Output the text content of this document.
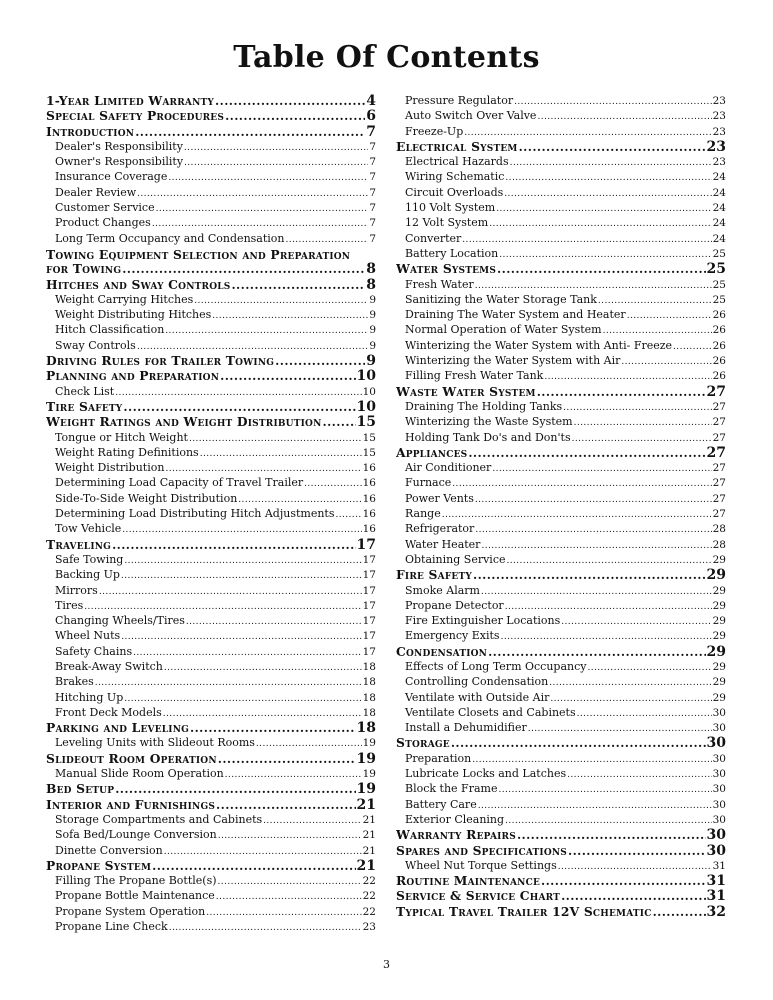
Table Of Contents
1-Year Limited Warranty .....	4
Special Safety Procedures .....	6
Introduction .....	7
Dealer's Responsibility .....	7
Owner's Responsibility .....	7
Insurance Coverage .....	7
Dealer Review .....	7
Customer Service .....	7
Product Changes .....	7
Long Term Occupancy and Condensation .....	7
Towing Equipment Selection and Preparation
for Towing .....	8
Hitches and Sway Controls .....	8
Weight Carrying Hitches .....	9
Weight Distributing Hitches .....	9
Hitch Classification .....	9
Sway Controls .....	9
Driving Rules for Trailer Towing .....	9
Planning and Preparation .....	10
Check List .....	10
Tire Safety .....	10
Weight Ratings and Weight Distribution .....	15
Tongue or Hitch Weight .....	15
Weight Rating Definitions .....	15
Weight Distribution .....	16
Determining Load Capacity of Travel Trailer .....	16
Side-To-Side Weight Distribution .....	16
Determining Load Distributing Hitch Adjustments .....	16
Tow Vehicle .....	16
Traveling .....	17
Safe Towing .....	17
Backing Up .....	17
Mirrors .....	17
Tires .....	17
Changing Wheels/Tires .....	17
Wheel Nuts .....	17
Safety Chains .....	17
Break-Away Switch .....	18
Brakes .....	18
Hitching Up .....	18
Front Deck Models .....	18
Parking and Leveling .....	18
Leveling Units with Slideout Rooms .....	19
Slideout Room Operation .....	19
Manual Slide Room Operation .....	19
Bed Setup .....	19
Interior and Furnishings .....	21
Storage Compartments and Cabinets .....	21
Sofa Bed/Lounge Conversion .....	21
Dinette Conversion .....	21
Propane System .....	21
Filling The Propane Bottle(s) .....	22
Propane Bottle Maintenance .....	22
Propane System Operation .....	22
Propane Line Check .....	23
Pressure Regulator .....	23
Auto Switch Over Valve .....	23
Freeze-Up .....	23
Electrical System .....	23
Electrical Hazards .....	23
Wiring Schematic .....	24
Circuit Overloads .....	24
110 Volt System .....	24
12 Volt System .....	24
Converter .....	24
Battery Location .....	25
Water Systems .....	25
Fresh Water .....	25
Sanitizing the Water Storage Tank .....	25
Draining The Water System and Heater .....	26
Normal Operation of Water System .....	26
Winterizing the Water System with Anti- Freeze .....	26
Winterizing the Water System with Air .....	26
Filling Fresh Water Tank .....	26
Waste Water System .....	27
Draining The Holding Tanks .....	27
Winterizing the Waste System .....	27
Holding Tank Do's and Don'ts .....	27
Appliances .....	27
Air Conditioner .....	27
Furnace .....	27
Power Vents .....	27
Range .....	27
Refrigerator .....	28
Water Heater .....	28
Obtaining Service .....	29
Fire Safety .....	29
Smoke Alarm .....	29
Propane Detector .....	29
Fire Extinguisher Locations .....	29
Emergency Exits .....	29
Condensation .....	29
Effects of Long Term Occupancy .....	29
Controlling Condensation .....	29
Ventilate with Outside Air .....	29
Ventilate Closets and Cabinets .....	30
Install a Dehumidifier .....	30
Storage .....	30
Preparation .....	30
Lubricate Locks and Latches .....	30
Block the Frame .....	30
Battery Care .....	30
Exterior Cleaning .....	30
Warranty Repairs .....	30
Spares and Specifications .....	30
Wheel Nut Torque Settings .....	31
Routine Maintenance .....	31
Service & Service Chart .....	31
Typical Travel Trailer 12V Schematic .....	32
3
